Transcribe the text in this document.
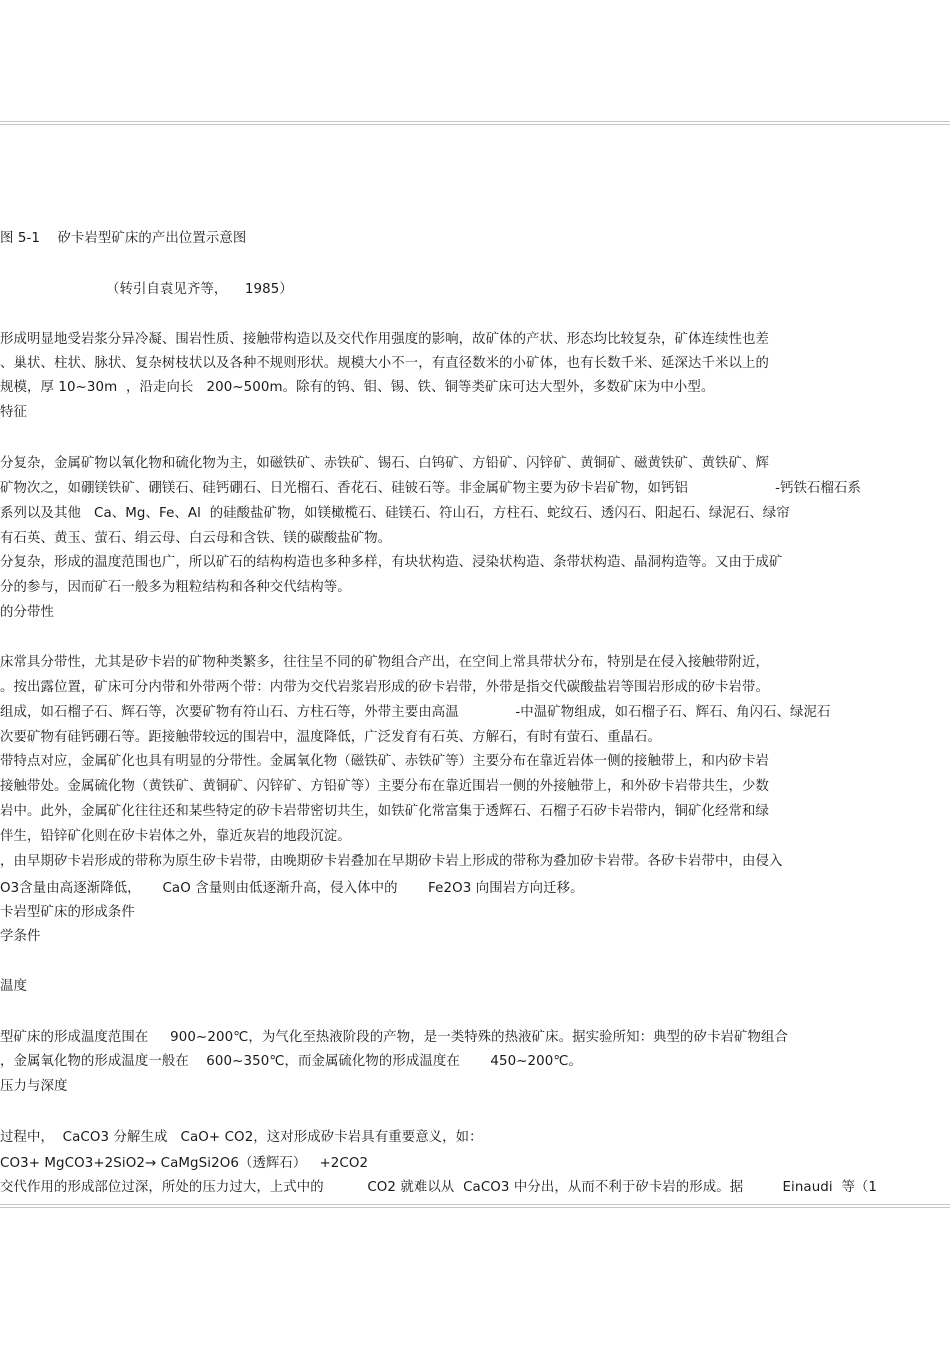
图 5-1    矽卡岩型矿床的产出位置示意图
（转引自袁见齐等，    1985）
形成明显地受岩浆分异冷凝、围岩性质、接触带构造以及交代作用强度的影响，故矿体的产状、形态均比较复杂，矿体连续性也差
、巢状、柱状、脉状、复杂树枝状以及各种不规则形状。规模大小不一，有直径数米的小矿体，也有长数千米、延深达千米以上的
规模，厚 10~30m  ，沿走向长   200~500m。除有的钨、钼、锡、铁、铜等类矿床可达大型外，多数矿床为中小型。
特征
分复杂，金属矿物以氧化物和硫化物为主，如磁铁矿、赤铁矿、锡石、白钨矿、方铅矿、闪锌矿、黄铜矿、磁黄铁矿、黄铁矿、辉
矿物次之，如硼镁铁矿、硼镁石、硅钙硼石、日光榴石、香花石、硅铍石等。非金属矿物主要为矽卡岩矿物，如钙铝                    -钙铁石榴石系
系列以及其他   Ca、Mg、Fe、Al  的硅酸盐矿物，如镁橄榄石、硅镁石、符山石，方柱石、蛇纹石、透闪石、阳起石、绿泥石、绿帘
有石英、黄玉、萤石、绢云母、白云母和含铁、镁的碳酸盐矿物。
分复杂，形成的温度范围也广，所以矿石的结构构造也多种多样，有块状构造、浸染状构造、条带状构造、晶洞构造等。又由于成矿
分的参与，因而矿石一般多为粗粒结构和各种交代结构等。
的分带性
床常具分带性，尤其是矽卡岩的矿物种类繁多，往往呈不同的矿物组合产出，在空间上常具带状分布，特别是在侵入接触带附近，
。按出露位置，矿床可分内带和外带两个带：内带为交代岩浆岩形成的矽卡岩带，外带是指交代碳酸盐岩等围岩形成的矽卡岩带。
组成，如石榴子石、辉石等，次要矿物有符山石、方柱石等，外带主要由高温             -中温矿物组成，如石榴子石、辉石、角闪石、绿泥石
次要矿物有硅钙硼石等。距接触带较远的围岩中，温度降低，广泛发育有石英、方解石，有时有萤石、重晶石。
带特点对应，金属矿化也具有明显的分带性。金属氧化物（磁铁矿、赤铁矿等）主要分布在靠近岩体一侧的接触带上，和内矽卡岩
接触带处。金属硫化物（黄铁矿、黄铜矿、闪锌矿、方铅矿等）主要分布在靠近围岩一侧的外接触带上，和外矽卡岩带共生，少数
岩中。此外，金属矿化往往还和某些特定的矽卡岩带密切共生，如铁矿化常富集于透辉石、石榴子石矽卡岩带内，铜矿化经常和绿
伴生，铅锌矿化则在矽卡岩体之外，靠近灰岩的地段沉淀。
，由早期矽卡岩形成的带称为原生矽卡岩带，由晚期矽卡岩叠加在早期矽卡岩上形成的带称为叠加矽卡岩带。各矽卡岩带中，由侵入
O3含量由高逐渐降低，     CaO 含量则由低逐渐升高，侵入体中的       Fe2O3 向围岩方向迁移。
卡岩型矿床的形成条件
学条件
温度
型矿床的形成温度范围在     900~200℃，为气化至热液阶段的产物，是一类特殊的热液矿床。据实验所知：典型的矽卡岩矿物组合
，金属氧化物的形成温度一般在    600~350℃，而金属硫化物的形成温度在       450~200℃。
压力与深度
过程中，  CaCO3 分解生成   CaO+ CO2，这对形成矽卡岩具有重要意义，如：
CO3+ MgCO3+2SiO2→ CaMgSi2O6（透辉石）   +2CO2
交代作用的形成部位过深，所处的压力过大，上式中的          CO2 就难以从  CaCO3 中分出，从而不利于矽卡岩的形成。据         Einaudi  等（1
